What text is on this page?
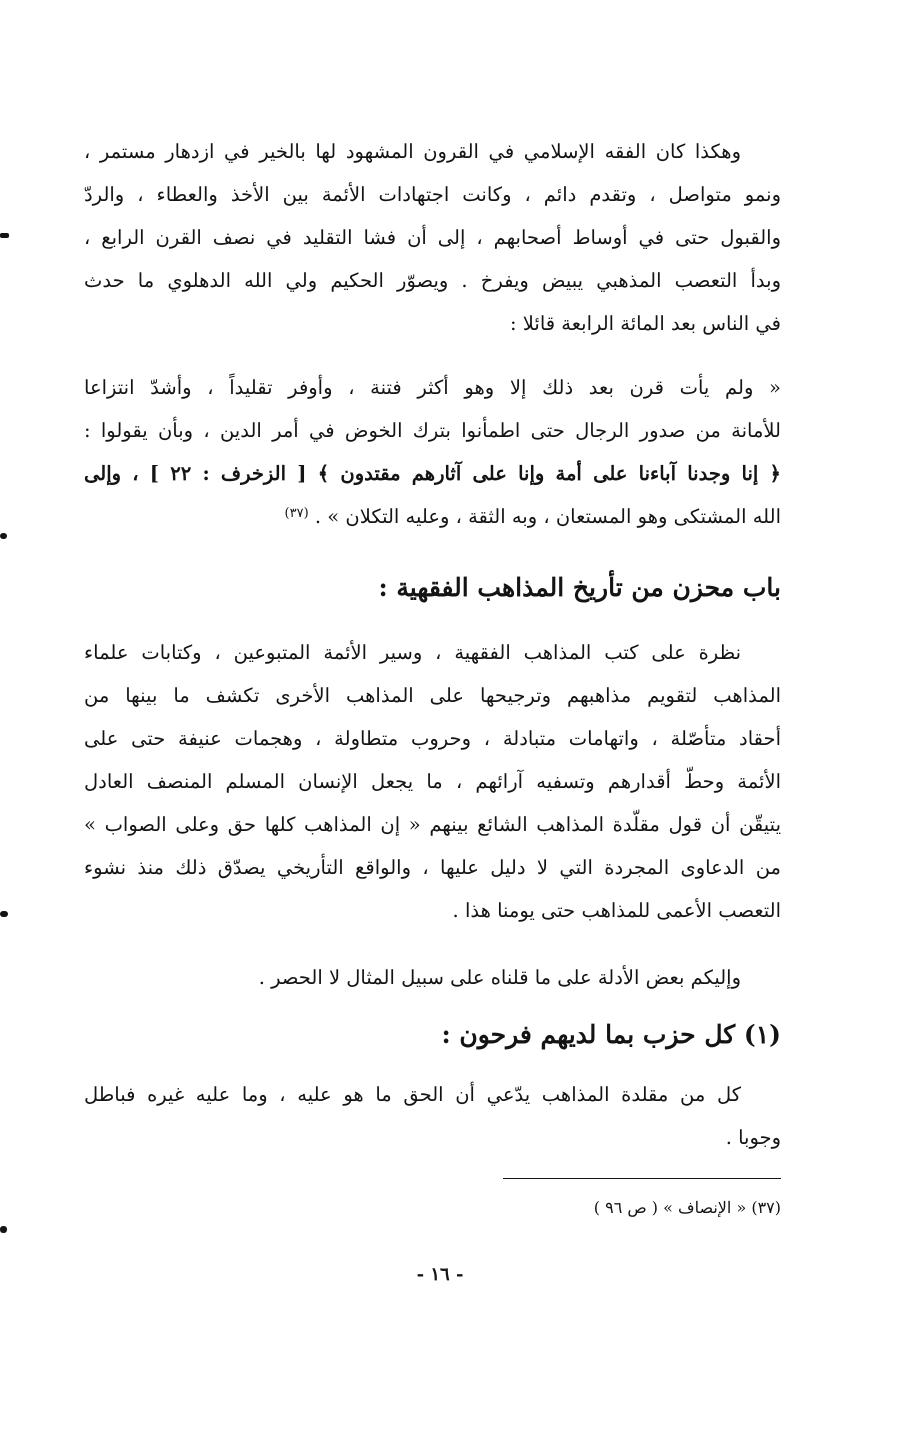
وهكذا كان الفقه الإسلامي في القرون المشهود لها بالخير في ازدهار مستمر ،
ونمو متواصل ، وتقدم دائم ، وكانت اجتهادات الأئمة بين الأخذ والعطاء ، والردّ
والقبول حتى في أوساط أصحابهم ، إلى أن فشا التقليد في نصف القرن الرابع ،
وبدأ التعصب المذهبي يبيض ويفرخ . ويصوّر الحكيم ولي الله الدهلوي ما حدث
في الناس بعد المائة الرابعة قائلا :
« ولم يأت قرن بعد ذلك إلا وهو أكثر فتنة ، وأوفر تقليداً ، وأشدّ انتزاعا
للأمانة من صدور الرجال حتى اطمأنوا بترك الخوض في أمر الدين ، وبأن يقولوا :
﴿ إنا وجدنا آباءنا على أمة وإنا على آثارهم مقتدون ﴾ [ الزخرف : ٢٢ ] ، وإلى
الله المشتكى وهو المستعان ، وبه الثقة ، وعليه التكلان » . $^{(٣٧)}$
باب محزن من تأريخ المذاهب الفقهية :
نظرة على كتب المذاهب الفقهية ، وسير الأئمة المتبوعين ، وكتابات علماء
المذاهب لتقويم مذاهبهم وترجيحها على المذاهب الأخرى تكشف ما بينها من
أحقاد متأصّلة ، واتهامات متبادلة ، وحروب متطاولة ، وهجمات عنيفة حتى على
الأئمة وحطّ أقدارهم وتسفيه آرائهم ، ما يجعل الإنسان المسلم المنصف العادل
يتيقّن أن قول مقلّدة المذاهب الشائع بينهم « إن المذاهب كلها حق وعلى الصواب »
من الدعاوى المجردة التي لا دليل عليها ، والواقع التأريخي يصدّق ذلك منذ نشوء
التعصب الأعمى للمذاهب حتى يومنا هذا .
وإليكم بعض الأدلة على ما قلناه على سبيل المثال لا الحصر .
(١) كل حزب بما لديهم فرحون :
كل من مقلدة المذاهب يدّعي أن الحق ما هو عليه ، وما عليه غيره فباطل
وجوبا .
(٣٧) « الإنصاف » ( ص ٩٦ )
- ١٦ -
